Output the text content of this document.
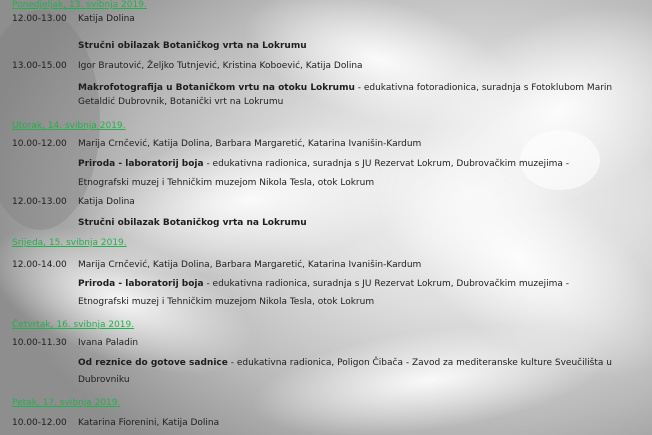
Ponedjeljak, 13. svibnja 2019.
12.00-13.00 Katija Dolina
Stručni obilazak Botaničkog vrta na Lokrumu
13.00-15.00 Igor Brautović, Željko Tutnjević, Kristina Koboević, Katija Dolina
Makrofotografija u Botaničkom vrtu na otoku Lokrumu - edukativna fotoradionica, suradnja s Fotoklubom Marin
Getaldić Dubrovnik, Botanički vrt na Lokrumu
Utorak, 14. svibnja 2019.
10.00-12.00 Marija Crnčević, Katija Dolina, Barbara Margaretić, Katarina Ivanišin-Kardum
Priroda - laboratorij boja - edukativna radionica, suradnja s JU Rezervat Lokrum, Dubrovačkim muzejima -
Etnografski muzej i Tehničkim muzejom Nikola Tesla, otok Lokrum
12.00-13.00 Katija Dolina
Stručni obilazak Botaničkog vrta na Lokrumu
Srijeda, 15. svibnja 2019.
12.00-14.00 Marija Crnčević, Katija Dolina, Barbara Margaretić, Katarina Ivanišin-Kardum
Priroda - laboratorij boja - edukativna radionica, suradnja s JU Rezervat Lokrum, Dubrovačkim muzejima -
Etnografski muzej i Tehničkim muzejom Nikola Tesla, otok Lokrum
Četvrtak, 16. svibnja 2019.
10.00-11.30 Ivana Paladin
Od reznice do gotove sadnice - edukativna radionica, Poligon Čibača - Zavod za mediteranske kulture Sveučilišta u
Dubrovniku
Petak, 17. svibnja 2019.
10.00-12.00 Katarina Fiorenini, Katija Dolina
